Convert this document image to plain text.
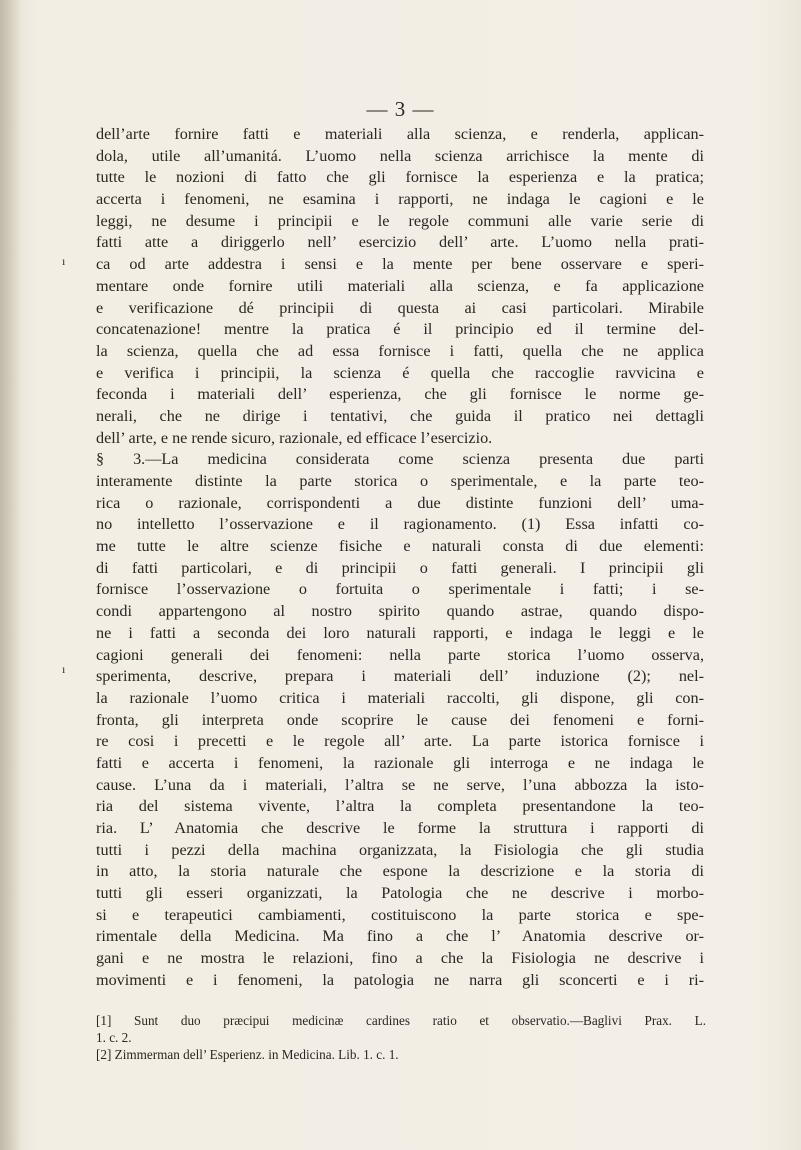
— 3 —
dell’arte fornire fatti e materiali alla scienza, e renderla, applican-
dola, utile all’umanitá. L’uomo nella scienza arrichisce la mente di
tutte le nozioni di fatto che gli fornisce la esperienza e la pratica;
accerta i fenomeni, ne esamina i rapporti, ne indaga le cagioni e le
leggi, ne desume i principii e le regole communi alle varie serie di
fatti atte a diriggerlo nell’ esercizio dell’ arte. L’uomo nella prati-
ca od arte addestra i sensi e la mente per bene osservare e speri-
mentare onde fornire utili materiali alla scienza, e fa applicazione
e verificazione dé principii di questa ai casi particolari. Mirabile
concatenazione! mentre la pratica é il principio ed il termine del-
la scienza, quella che ad essa fornisce i fatti, quella che ne applica
e verifica i principii, la scienza é quella che raccoglie ravvicina e
feconda i materiali dell’ esperienza, che gli fornisce le norme ge-
nerali, che ne dirige i tentativi, che guida il pratico nei dettagli
dell’ arte, e ne rende sicuro, razionale, ed efficace l’esercizio.
§ 3.—La medicina considerata come scienza presenta due parti
interamente distinte la parte storica o sperimentale, e la parte teo-
rica o razionale, corrispondenti a due distinte funzioni dell’ uma-
no intelletto l’osservazione e il ragionamento. (1) Essa infatti co-
me tutte le altre scienze fisiche e naturali consta di due elementi:
di fatti particolari, e di principii o fatti generali. I principii gli
fornisce l’osservazione o fortuita o sperimentale i fatti; i se-
condi appartengono al nostro spirito quando astrae, quando dispo-
ne i fatti a seconda dei loro naturali rapporti, e indaga le leggi e le
cagioni generali dei fenomeni: nella parte storica l’uomo osserva,
sperimenta, descrive, prepara i materiali dell’ induzione (2); nel-
la razionale l’uomo critica i materiali raccolti, gli dispone, gli con-
fronta, gli interpreta onde scoprire le cause dei fenomeni e forni-
re cosi i precetti e le regole all’ arte. La parte istorica fornisce i
fatti e accerta i fenomeni, la razionale gli interroga e ne indaga le
cause. L’una da i materiali, l’altra se ne serve, l’una abbozza la isto-
ria del sistema vivente, l’altra la completa presentandone la teo-
ria. L’ Anatomia che descrive le forme la struttura i rapporti di
tutti i pezzi della machina organizzata, la Fisiologia che gli studia
in atto, la storia naturale che espone la descrizione e la storia di
tutti gli esseri organizzati, la Patologia che ne descrive i morbo-
si e terapeutici cambiamenti, costituiscono la parte storica e spe-
rimentale della Medicina. Ma fino a che l’ Anatomia descrive or-
gani e ne mostra le relazioni, fino a che la Fisiologia ne descrive i
movimenti e i fenomeni, la patologia ne narra gli sconcerti e i ri-
[1] Sunt duo præcipui medicinæ cardines ratio et observatio.—Baglivi Prax. L.
1. c. 2.
[2] Zimmerman dell’ Esperienz. in Medicina. Lib. 1. c. 1.
ı
ı
